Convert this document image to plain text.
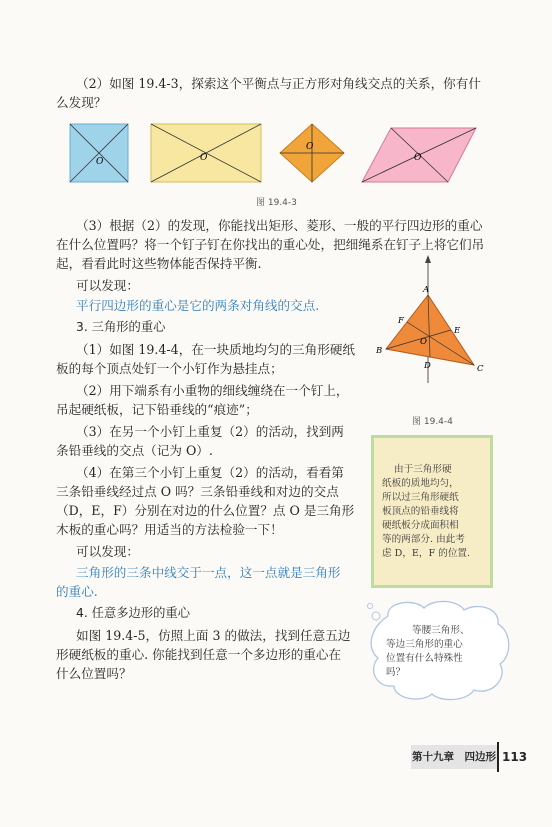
（2）如图 19.4-3，探索这个平衡点与正方形对角线交点的关系，你有什
么发现？
O	O
O
O
图 19.4-3
（3）根据（2）的发现，你能找出矩形、菱形、一般的平行四边形的重心
在什么位置吗？将一个钉子钉在你找出的重心处，把细绳系在钉子上将它们吊
起，看看此时这些物体能否保持平衡.
可以发现：
平行四边形的重心是它的两条对角线的交点.
3. 三角形的重心
（1）如图 19.4-4，在一块质地均匀的三角形硬纸
板的每个顶点处钉一个小钉作为悬挂点；
（2）用下端系有小重物的细线缠绕在一个钉上，
吊起硬纸板，记下铅垂线的“痕迹”；
（3）在另一个小钉上重复（2）的活动，找到两
条铅垂线的交点（记为 O）.
（4）在第三个小钉上重复（2）的活动，看看第
三条铅垂线经过点 O 吗？三条铅垂线和对边的交点
（D，E，F）分别在对边的什么位置？点 O 是三角形
木板的重心吗？用适当的方法检验一下！
可以发现：
三角形的三条中线交于一点，这一点就是三角形
的重心.
4. 任意多边形的重心
如图 19.4-5，仿照上面 3 的做法，找到任意五边
形硬纸板的重心. 你能找到任意一个多边形的重心在
什么位置吗？
A
B
C
D
E
F
O
图 19.4-4
由于三角形硬
纸板的质地均匀，
所以过三角形硬纸
板顶点的铅垂线将
硬纸板分成面积相
等的两部分. 由此考
虑 D，E，F 的位置.
等腰三角形、
等边三角形的重心
位置有什么特殊性
吗？
第十九章　四边形 113
